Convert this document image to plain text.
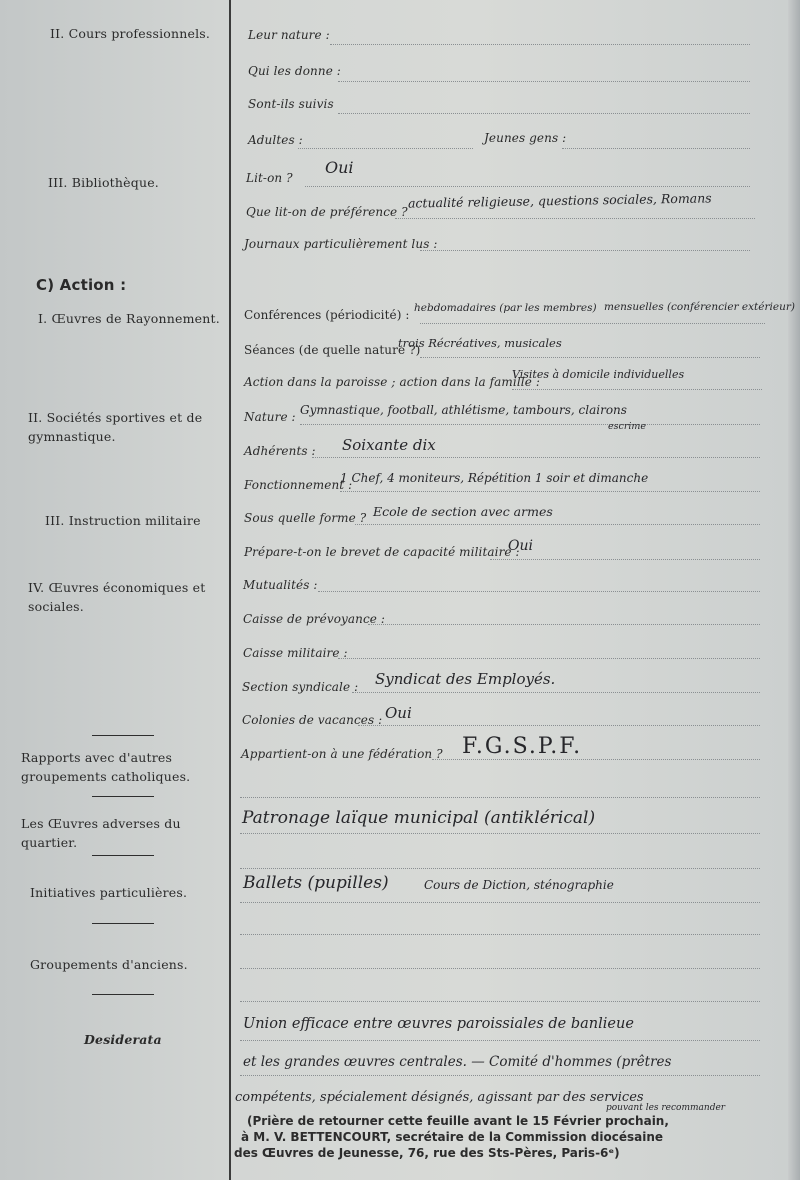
II. Cours professionnels.
III. Bibliothèque.
C) Action :
I. Œuvres de Rayonnement.
II. Sociétés sportives et de gymnastique.
III. Instruction militaire
IV. Œuvres économiques et sociales.
Rapports avec d'autres groupements catholiques.
Les Œuvres adverses du quartier.
Initiatives particulières.
Groupements d'anciens.
Desiderata
Leur nature :
Qui les donne :
Sont-ils suivis
Adultes :	Jeunes gens :
Lit-on ?
Que lit-on de préférence ?
Journaux particulièrement lus :
Conférences (périodicité) :
Séances (de quelle nature ?)
Action dans la paroisse ; action dans la famille :
Nature :
Adhérents :
Fonctionnement :
Sous quelle forme ?
Prépare-t-on le brevet de capacité militaire :
Mutualités :
Caisse de prévoyance :
Caisse militaire :
Section syndicale :
Colonies de vacances :
Appartient-on à une fédération ?
Oui
actualité religieuse, questions sociales, Romans
hebdomadaires (par les membres) mensuelles (conférencier extérieur)
trois Récréatives, musicales
Visites à domicile individuelles
Gymnastique, football, athlétisme, tambours, clairons
escrime
Soixante dix
1 Chef, 4 moniteurs, Répétition 1 soir et dimanche
Ecole de section avec armes
Oui
Syndicat des Employés.
Oui
F.G.S.P.F.
Patronage laïque municipal (antiklérical)
Ballets (pupilles)	Cours de Diction, sténographie
Union efficace entre œuvres paroissiales de banlieue
et les grandes œuvres centrales. — Comité d'hommes (prêtres
compétents, spécialement désignés, agissant par des services
pouvant les recommander
(Prière de retourner cette feuille avant le 15 Février prochain,
à M. V. BETTENCOURT, secrétaire de la Commission diocésaine
des Œuvres de Jeunesse, 76, rue des Sts-Pères, Paris-6ᵉ)
